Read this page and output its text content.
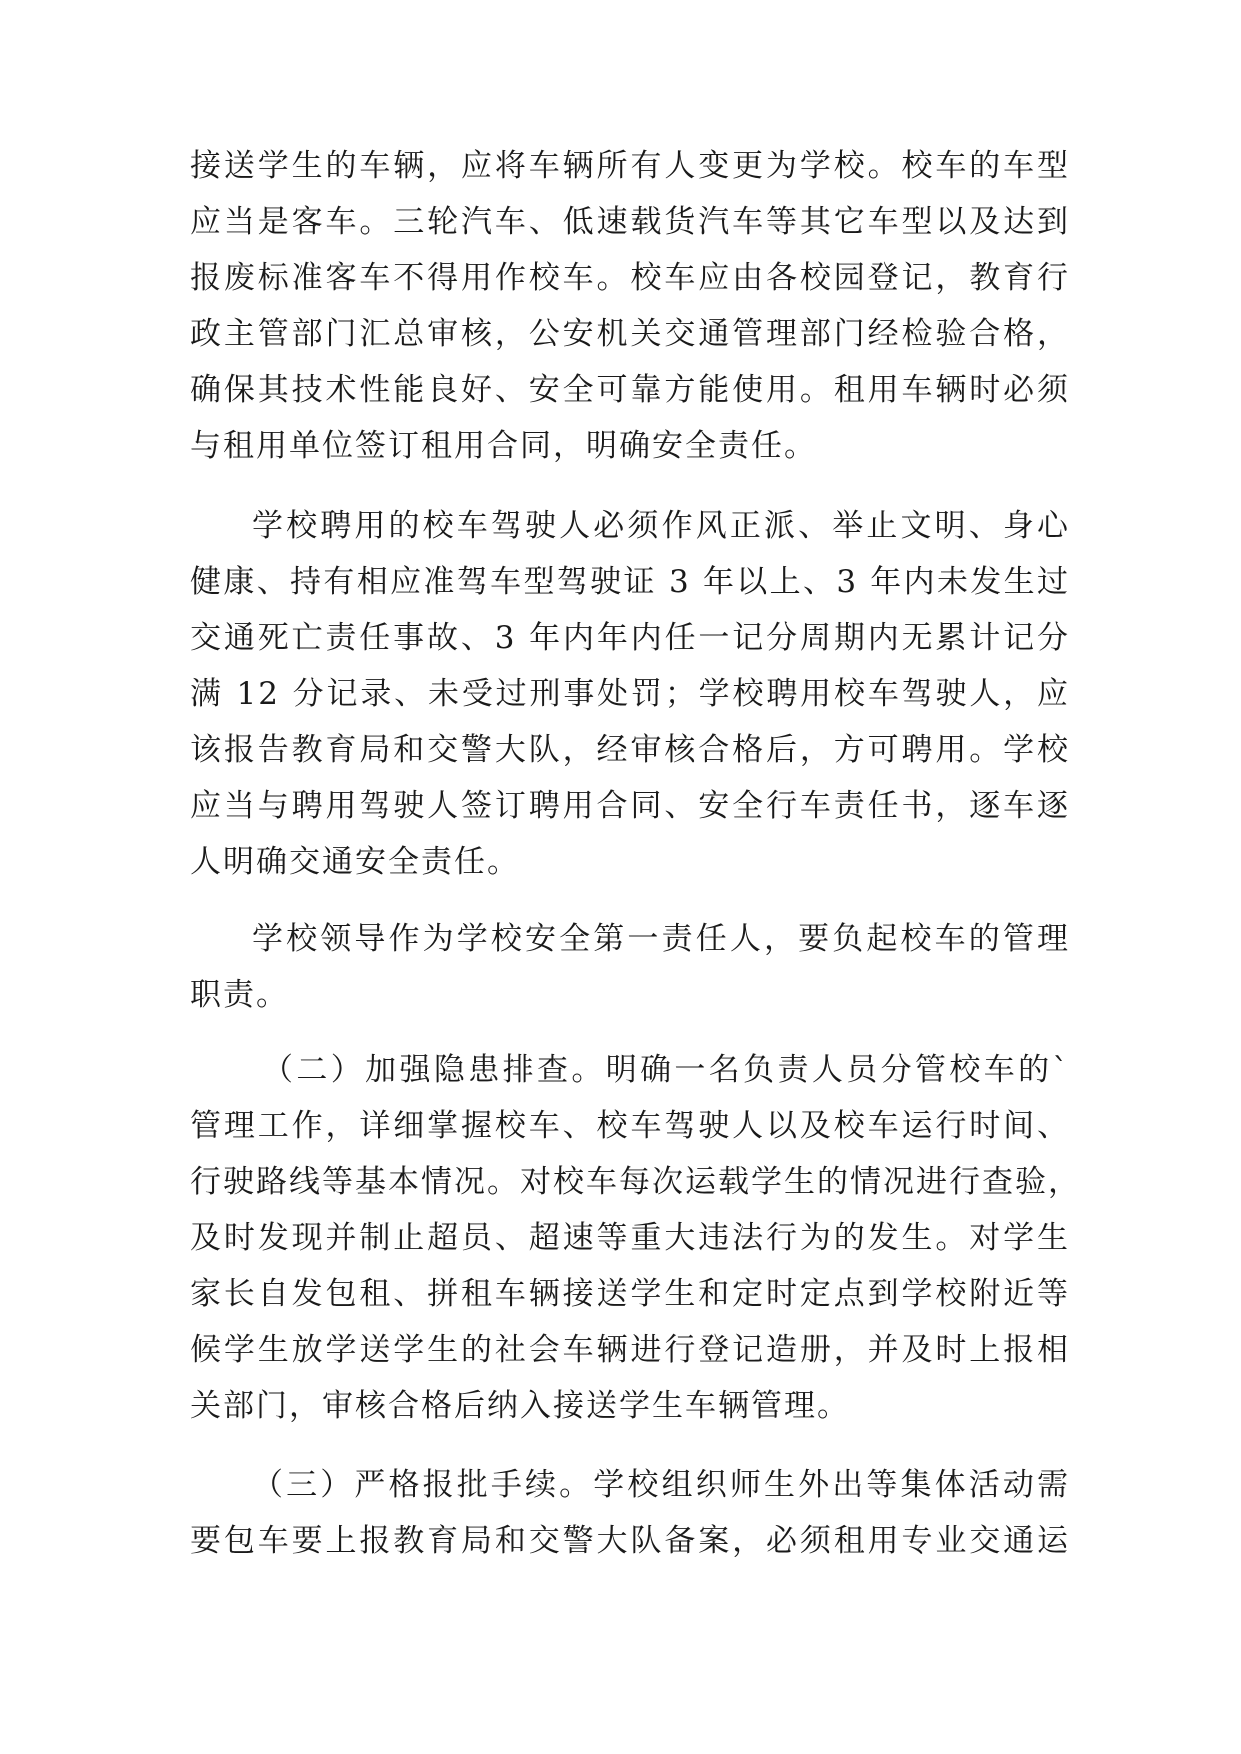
接送学生的车辆，应将车辆所有人变更为学校。校车的车型
应当是客车。三轮汽车、低速载货汽车等其它车型以及达到
报废标准客车不得用作校车。校车应由各校园登记，教育行
政主管部门汇总审核，公安机关交通管理部门经检验合格，
确保其技术性能良好、安全可靠方能使用。租用车辆时必须
与租用单位签订租用合同，明确安全责任。
学校聘用的校车驾驶人必须作风正派、举止文明、身心
健康、持有相应准驾车型驾驶证 3 年以上、3 年内未发生过
交通死亡责任事故、3 年内年内任一记分周期内无累计记分
满 12 分记录、未受过刑事处罚；学校聘用校车驾驶人，应
该报告教育局和交警大队，经审核合格后，方可聘用。学校
应当与聘用驾驶人签订聘用合同、安全行车责任书，逐车逐
人明确交通安全责任。
学校领导作为学校安全第一责任人，要负起校车的管理
职责。
（二）加强隐患排查。明确一名负责人员分管校车的`
管理工作，详细掌握校车、校车驾驶人以及校车运行时间、
行驶路线等基本情况。对校车每次运载学生的情况进行查验，
及时发现并制止超员、超速等重大违法行为的发生。对学生
家长自发包租、拼租车辆接送学生和定时定点到学校附近等
候学生放学送学生的社会车辆进行登记造册，并及时上报相
关部门，审核合格后纳入接送学生车辆管理。
（三）严格报批手续。学校组织师生外出等集体活动需
要包车要上报教育局和交警大队备案，必须租用专业交通运
